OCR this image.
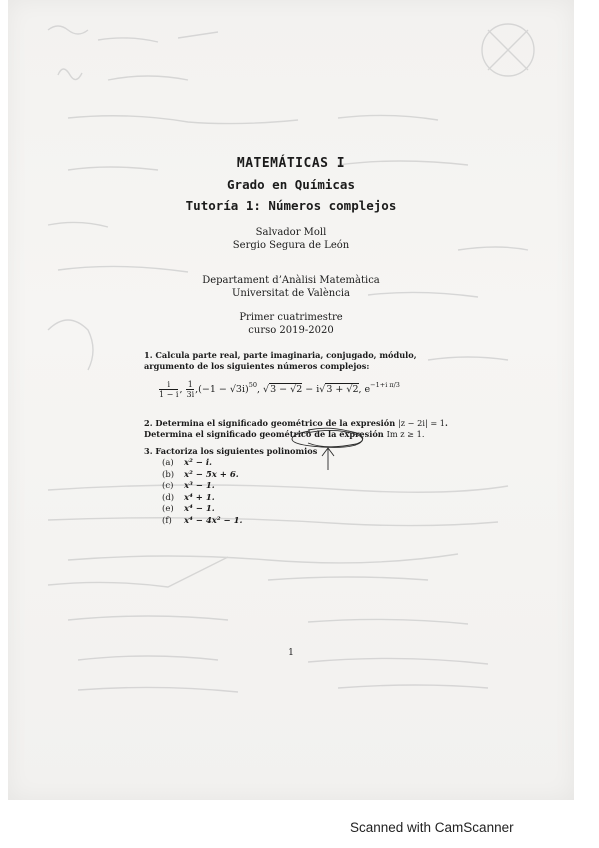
MATEMÁTICAS I
Grado en Químicas
Tutoría 1: Números complejos
Salvador Moll
Sergio Segura de León
Departament d’Anàlisi Matemàtica
Universitat de València
Primer cuatrimestre
curso 2019-2020
1. Calcula parte real, parte imaginaria, conjugado, módulo, argumento de los siguientes números complejos:
$\frac{i}{1 - i}$ , $\frac{1}{3i} ,(-1 - √3i)^{50}$, √3 − √2 − i√3 + √2, $e^{-1+i \pi/3}$
2. Determina el significado geométrico de la expresión |z − 2i| = 1. Determina el significado geométrico de la expresión Im z ≥ 1.
3. Factoriza los siguientes polinomios
(a)	x² − i.
(b)	x² − 5x + 6.
(c)	x³ − 1.
(d)	x⁴ + 1.
(e)	x⁴ − 1.
(f)	x⁴ − 4x² − 1.
1
Scanned with CamScanner
